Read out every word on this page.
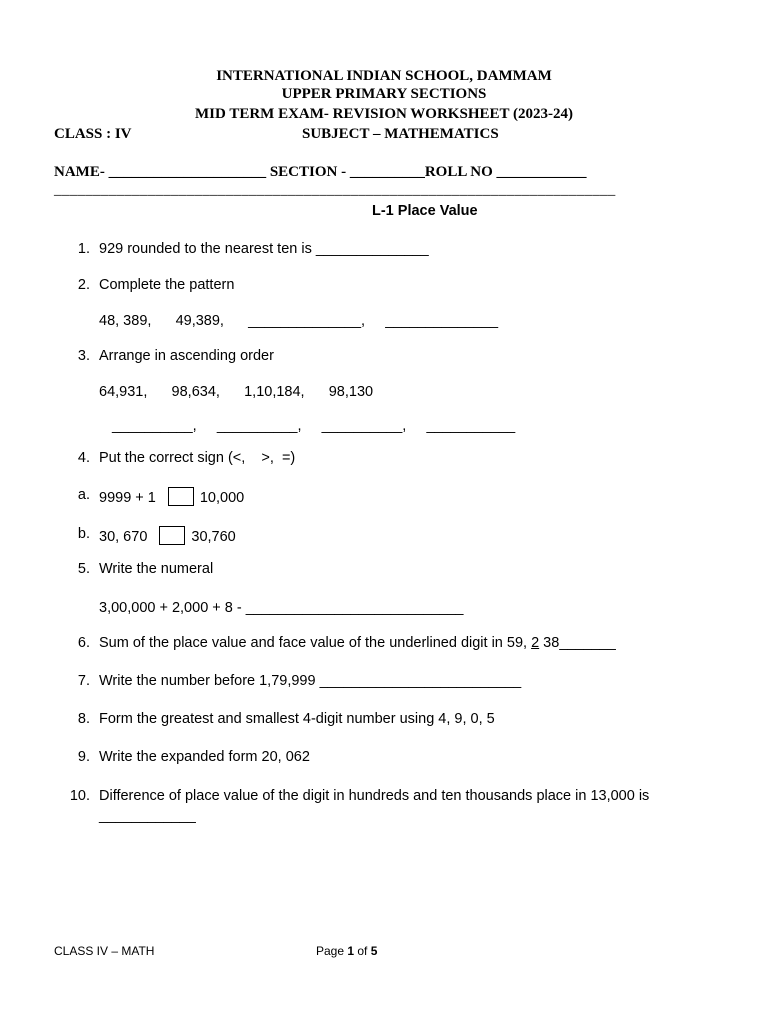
INTERNATIONAL INDIAN SCHOOL, DAMMAM
UPPER PRIMARY SECTIONS
MID TERM EXAM- REVISION WORKSHEET (2023-24)
CLASS : IV	SUBJECT – MATHEMATICS
NAME- _____________________ SECTION - __________ROLL NO ____________
________________________________________________________________________
L-1 Place Value
1. 929 rounded to the nearest ten is ______________
2. Complete the pattern
48, 389,      49,389,      ______________,     ______________
3. Arrange in ascending order
64,931,      98,634,      1,10,184,      98,130
__________,     __________,     __________,     ___________
4. Put the correct sign (<,    >,  =)
a. 9999 + 1	10,000
b. 30, 670	30,760
5. Write the numeral
3,00,000 + 2,000 + 8 - ___________________________
6. Sum of the place value and face value of the underlined digit in 59, 2 38_______
7. Write the number before 1,79,999 _________________________
8. Form the greatest and smallest 4-digit number using 4, 9, 0, 5
9. Write the expanded form 20, 062
10. Difference of place value of the digit in hundreds and ten thousands place in 13,000 is
____________
CLASS IV – MATH	Page 1 of 5
